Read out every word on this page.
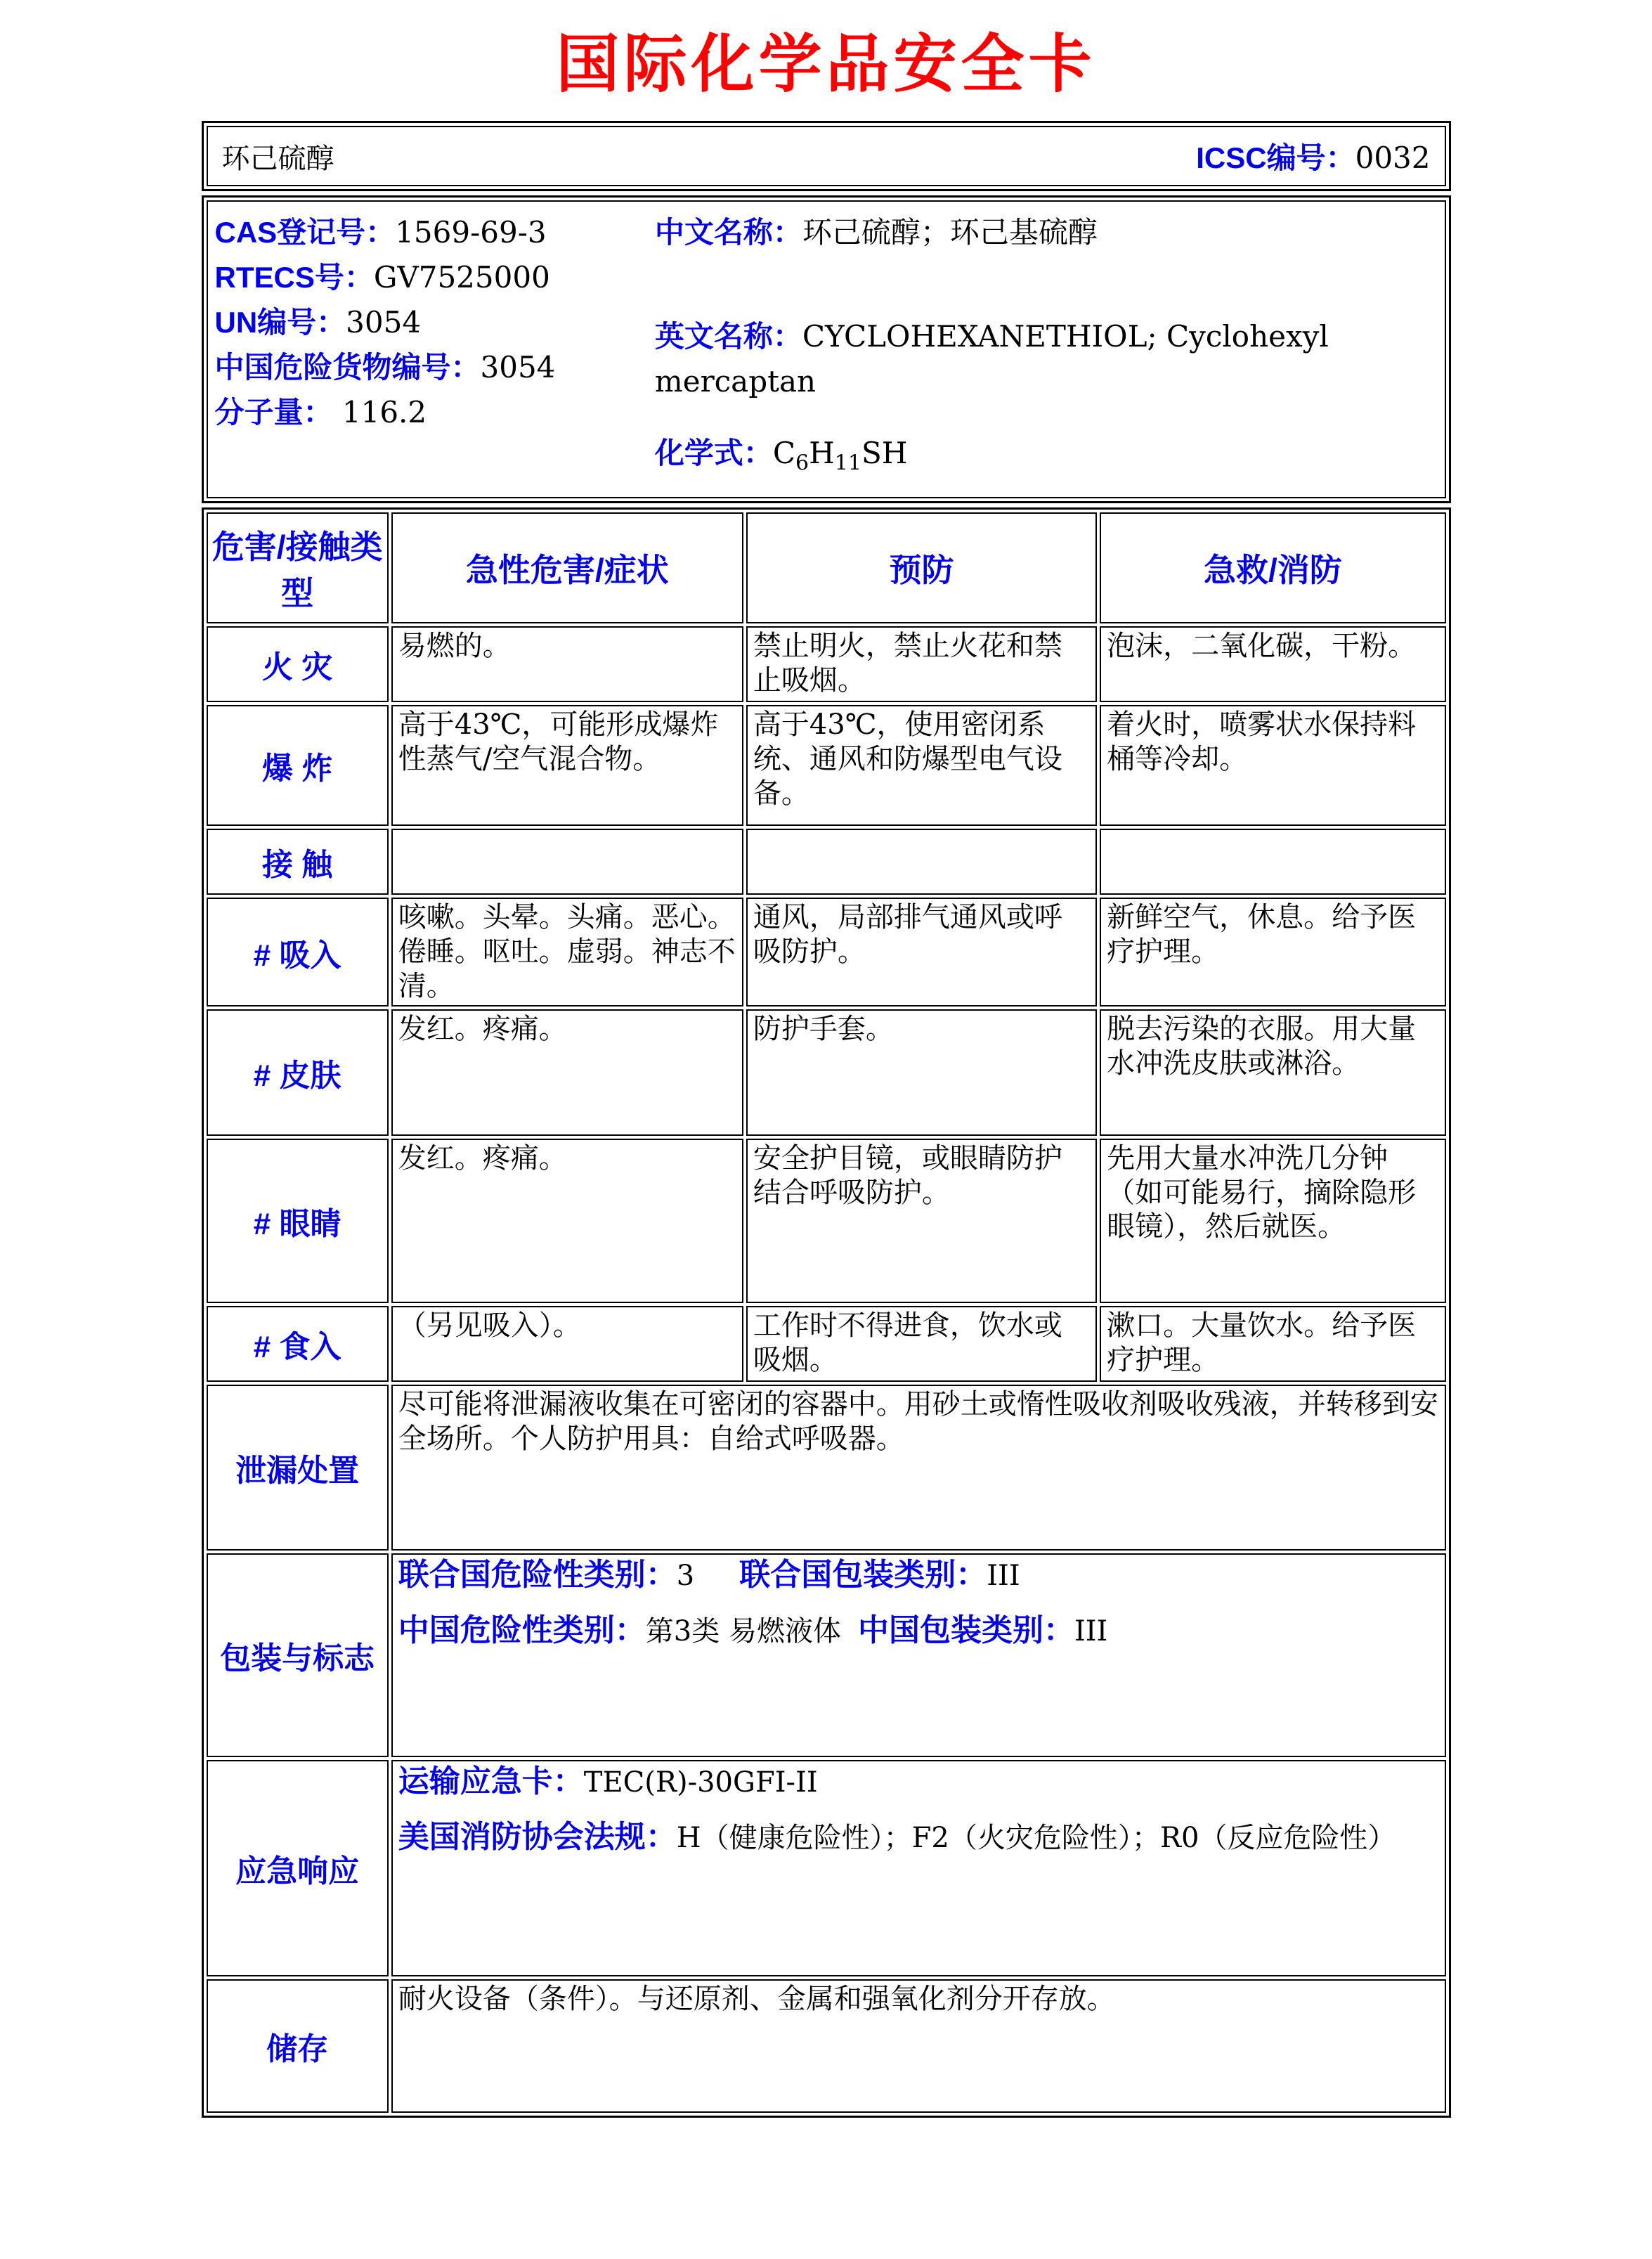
国际化学品安全卡
环己硫醇	ICSC编号：0032
CAS登记号：1569-69-3
RTECS号：GV7525000
UN编号：3054
中国危险货物编号：3054
分子量： 116.2
中文名称：环己硫醇；环己基硫醇
英文名称：CYCLOHEXANETHIOL; Cyclohexyl mercaptan
化学式：$C_6H_{11}SH$
危害/接触类型	急性危害/症状	预防	急救/消防
火 灾	易燃的。	禁止明火，禁止火花和禁止吸烟。	泡沫，二氧化碳，干粉。
爆 炸	高于43℃，可能形成爆炸性蒸气/空气混合物。	高于43℃，使用密闭系统、通风和防爆型电气设备。	着火时，喷雾状水保持料桶等冷却。
接 触			
# 吸入	咳嗽。头晕。头痛。恶心。倦睡。呕吐。虚弱。神志不清。	通风，局部排气通风或呼吸防护。	新鲜空气，休息。给予医疗护理。
# 皮肤	发红。疼痛。	防护手套。	脱去污染的衣服。用大量水冲洗皮肤或淋浴。
# 眼睛	发红。疼痛。	安全护目镜，或眼睛防护结合呼吸防护。	先用大量水冲洗几分钟（如可能易行，摘除隐形眼镜），然后就医。
# 食入	（另见吸入）。	工作时不得进食，饮水或吸烟。	漱口。大量饮水。给予医疗护理。
泄漏处置	尽可能将泄漏液收集在可密闭的容器中。用砂土或惰性吸收剂吸收残液，并转移到安全场所。个人防护用具：自给式呼吸器。		
包装与标志	联合国危险性类别：3 联合国包装类别：III
中国危险性类别：第3类 易燃液体 中国包装类别：III		

应急响应	运输应急卡：TEC(R)-30GFI-II
美国消防协会法规：H（健康危险性）；F2（火灾危险性）；R0（反应危险性）		

储存	耐火设备（条件）。与还原剂、金属和强氧化剂分开存放。		
